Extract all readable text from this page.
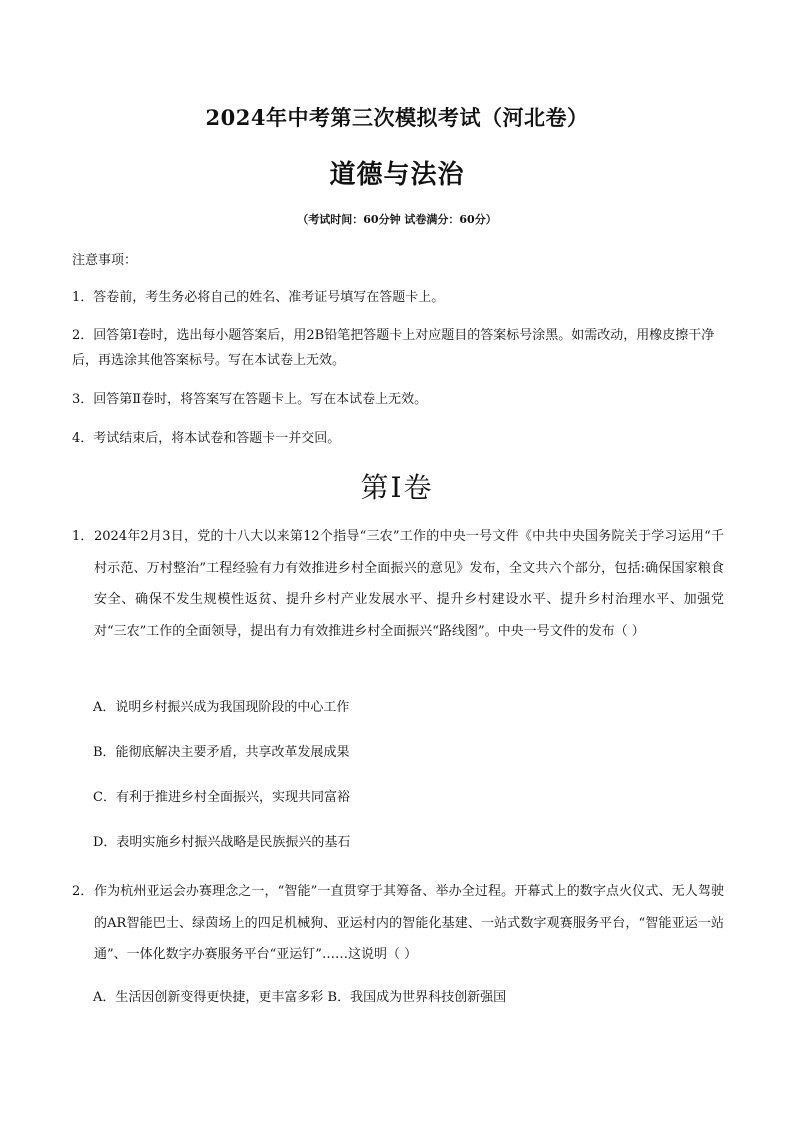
2024年中考第三次模拟考试（河北卷）
道德与法治
（考试时间：60分钟 试卷满分：60分）
注意事项：
1．答卷前，考生务必将自己的姓名、准考证号填写在答题卡上。
2．回答第Ⅰ卷时，选出每小题答案后，用2B铅笔把答题卡上对应题目的答案标号涂黑。如需改动，用橡皮擦干净后，再选涂其他答案标号。写在本试卷上无效。
3．回答第Ⅱ卷时，将答案写在答题卡上。写在本试卷上无效。
4．考试结束后，将本试卷和答题卡一并交回。
第Ⅰ卷
1． 2024年2月3日，党的十八大以来第12个指导“三农”工作的中央一号文件《中共中央国务院关于学习运用“千村示范、万村整治”工程经验有力有效推进乡村全面振兴的意见》发布，全文共六个部分，包括:确保国家粮食安全、确保不发生规模性返贫、提升乡村产业发展水平、提升乡村建设水平、提升乡村治理水平、加强党对“三农”工作的全面领导，提出有力有效推进乡村全面振兴“路线图”。中央一号文件的发布（ ）
A．说明乡村振兴成为我国现阶段的中心工作
B．能彻底解决主要矛盾，共享改革发展成果
C．有利于推进乡村全面振兴，实现共同富裕
D．表明实施乡村振兴战略是民族振兴的基石
2． 作为杭州亚运会办赛理念之一，“智能”一直贯穿于其筹备、举办全过程。开幕式上的数字点火仪式、无人驾驶的AR智能巴士、绿茵场上的四足机械狗、亚运村内的智能化基建、一站式数字观赛服务平台，“智能亚运一站通”、一体化数字办赛服务平台“亚运钉”……这说明（ ）
A．生活因创新变得更快捷，更丰富多彩 B．我国成为世界科技创新强国
